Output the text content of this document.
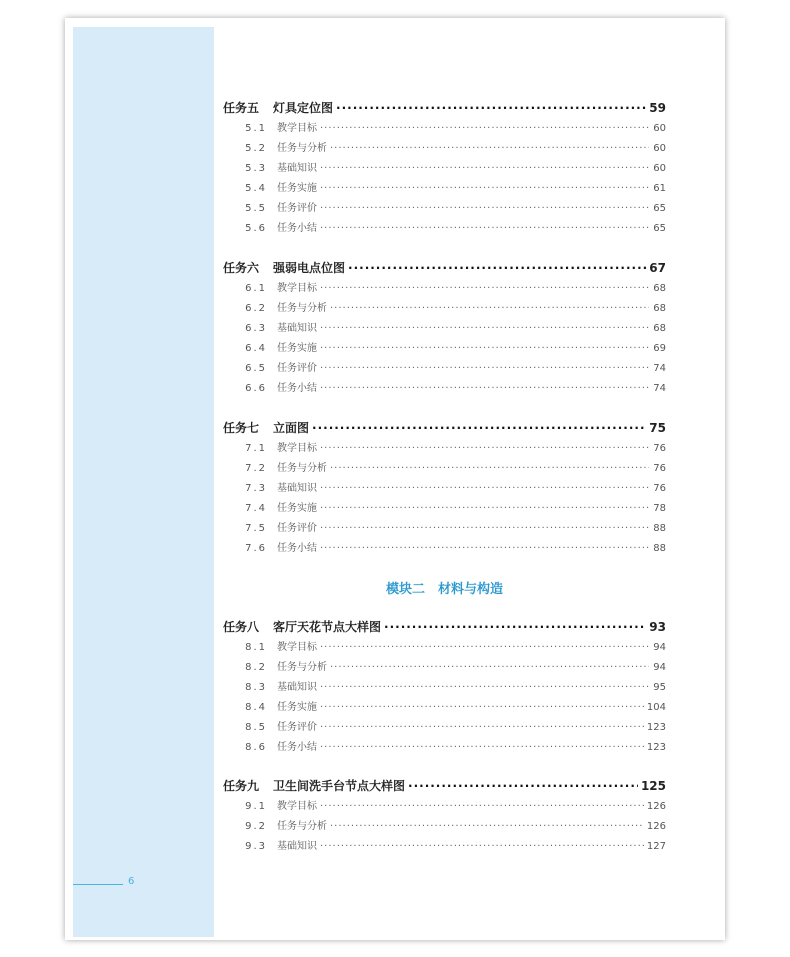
6
任务五	灯具定位图 ·····	59
5.1 教学目标 ·····	60
5.2 任务与分析 ·····	60
5.3 基础知识 ·····	60
5.4 任务实施 ·····	61
5.5 任务评价 ·····	65
5.6 任务小结 ·····	65
任务六	强弱电点位图 ·····	67
6.1 教学目标 ·····	68
6.2 任务与分析 ·····	68
6.3 基础知识 ·····	68
6.4 任务实施 ·····	69
6.5 任务评价 ·····	74
6.6 任务小结 ·····	74
任务七	立面图 ·····	75
7.1 教学目标 ·····	76
7.2 任务与分析 ·····	76
7.3 基础知识 ·····	76
7.4 任务实施 ·····	78
7.5 任务评价 ·····	88
7.6 任务小结 ·····	88
模块二　材料与构造
任务八	客厅天花节点大样图 ·····	93
8.1 教学目标 ·····	94
8.2 任务与分析 ·····	94
8.3 基础知识 ·····	95
8.4 任务实施 ·····	104
8.5 任务评价 ·····	123
8.6 任务小结 ·····	123
任务九	卫生间洗手台节点大样图 ·····	125
9.1 教学目标 ·····	126
9.2 任务与分析 ·····	126
9.3 基础知识 ·····	127
